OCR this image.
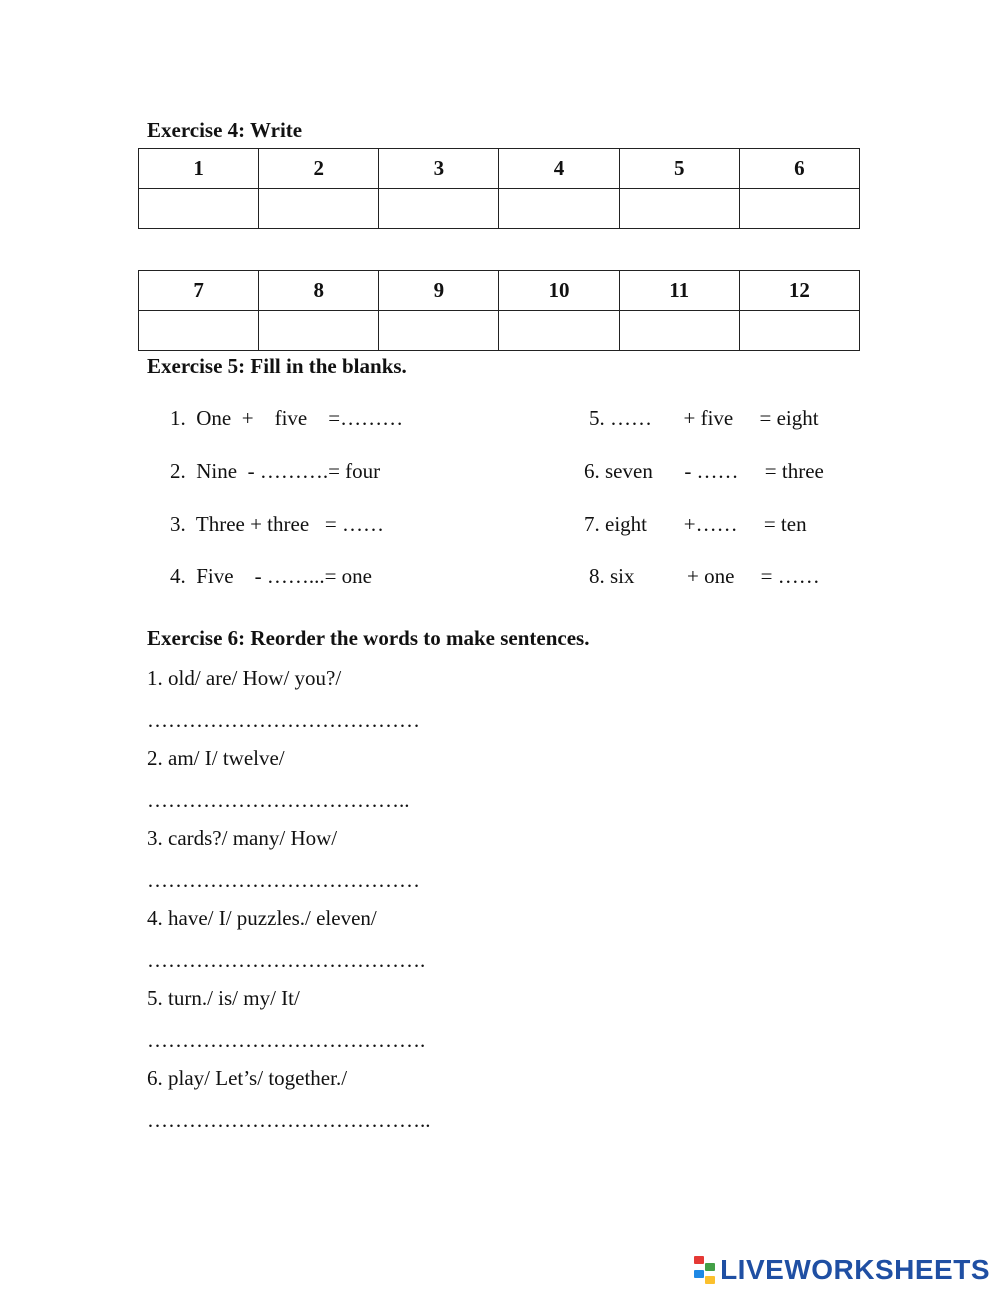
Exercise 4: Write
1	2	3	4	5	6

7	8	9	10	11	12

Exercise 5: Fill in the blanks.
1.  One  +    five    =………
2.  Nine  - ……….= four
3.  Three + three   = ……
4.  Five    - ……...= one
5. ……      + five     = eight
6. seven      - ……     = three
7. eight       +……     = ten
8. six          + one     = ……
Exercise 6: Reorder the words to make sentences.
1. old/ are/ How/ you?/
…………………………………
2. am/ I/ twelve/
………………………………..
3. cards?/ many/ How/
…………………………………
4. have/ I/ puzzles./ eleven/
………………………………….
5. turn./ is/ my/ It/
………………………………….
6. play/ Let’s/ together./
…………………………………..
LIVEWORKSHEETS
